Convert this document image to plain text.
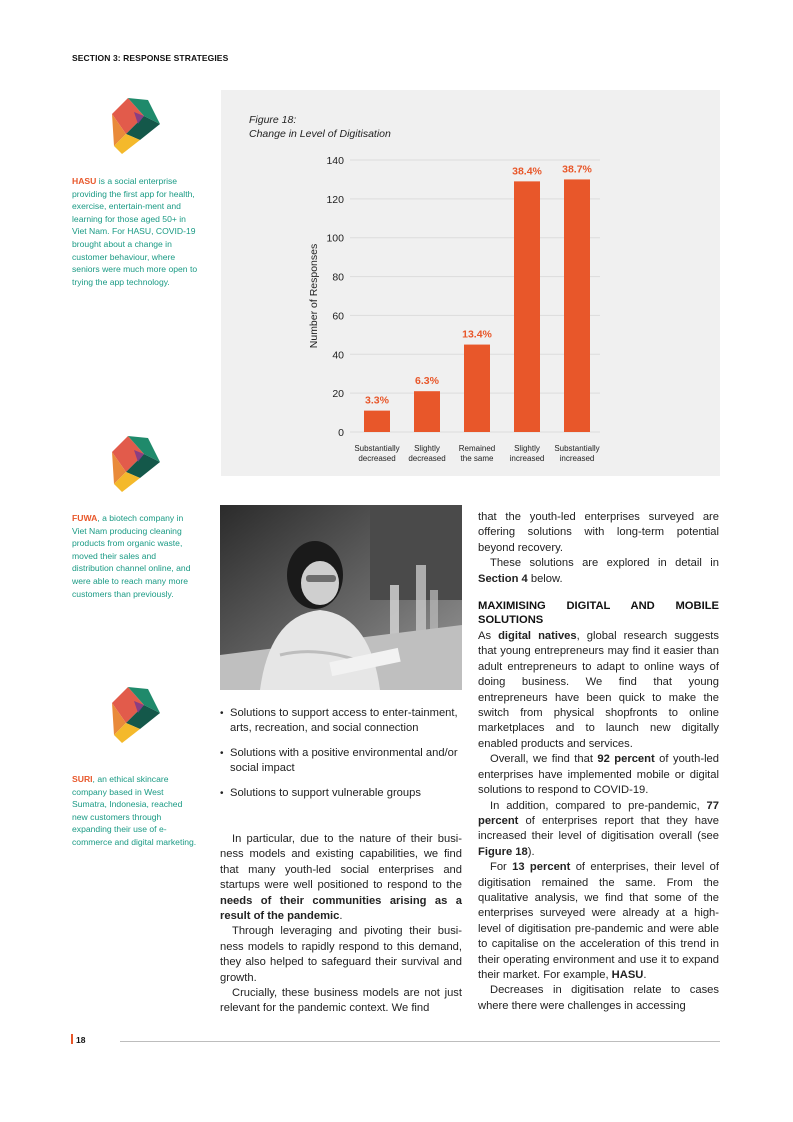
SECTION 3: RESPONSE STRATEGIES
HASU is a social enterprise providing the first app for health, exercise, entertain-ment and learning for those aged 50+ in Viet Nam. For HASU, COVID-19 brought about a change in customer behaviour, where seniors were much more open to trying the app technology.
FUWA, a biotech company in Viet Nam producing cleaning products from organic waste, moved their sales and distribution channel online, and were able to reach many more customers than previously.
SURI, an ethical skincare company based in West Sumatra, Indonesia, reached new customers through expanding their use of e-commerce and digital marketing.
Figure 18:
Change in Level of Digitisation
0
20
40
60
80
100
120
140
Number of Responses
3.3%
Substantially
decreased
6.3%
Slightly
decreased
13.4%
Remained
the same
38.4%
Slightly
increased
38.7%
Substantially
increased
• Solutions to support access to enter-tainment, arts, recreation, and social connection
• Solutions with a positive environmental and/or social impact
• Solutions to support vulnerable groups

In particular, due to the nature of their busi-ness models and existing capabilities, we find that many youth-led social enterprises and startups were well positioned to respond to the needs of their communities arising as a result of the pandemic.

Through leveraging and pivoting their busi-ness models to rapidly respond to this demand, they also helped to safeguard their survival and growth.

Crucially, these business models are not just relevant for the pandemic context. We find

that the youth-led enterprises surveyed are offering solutions with long-term potential beyond recovery.

These solutions are explored in detail in Section 4 below.

MAXIMISING DIGITAL AND MOBILE SOLUTIONS

As digital natives, global research suggests that young entrepreneurs may find it easier than adult entrepreneurs to adapt to online ways of doing business. We find that young entrepreneurs have been quick to make the switch from physical shopfronts to online marketplaces and to launch new digitally enabled products and services.

Overall, we find that 92 percent of youth-led enterprises have implemented mobile or digital solutions to respond to COVID-19.

In addition, compared to pre-pandemic, 77 percent of enterprises report that they have increased their level of digitisation overall (see Figure 18).

For 13 percent of enterprises, their level of digitisation remained the same. From the qualitative analysis, we find that some of the enterprises surveyed were already at a high-level of digitisation pre-pandemic and were able to capitalise on the acceleration of this trend in their operating environment and use it to expand their market. For example, HASU.

Decreases in digitisation relate to cases where there were challenges in accessing

18
